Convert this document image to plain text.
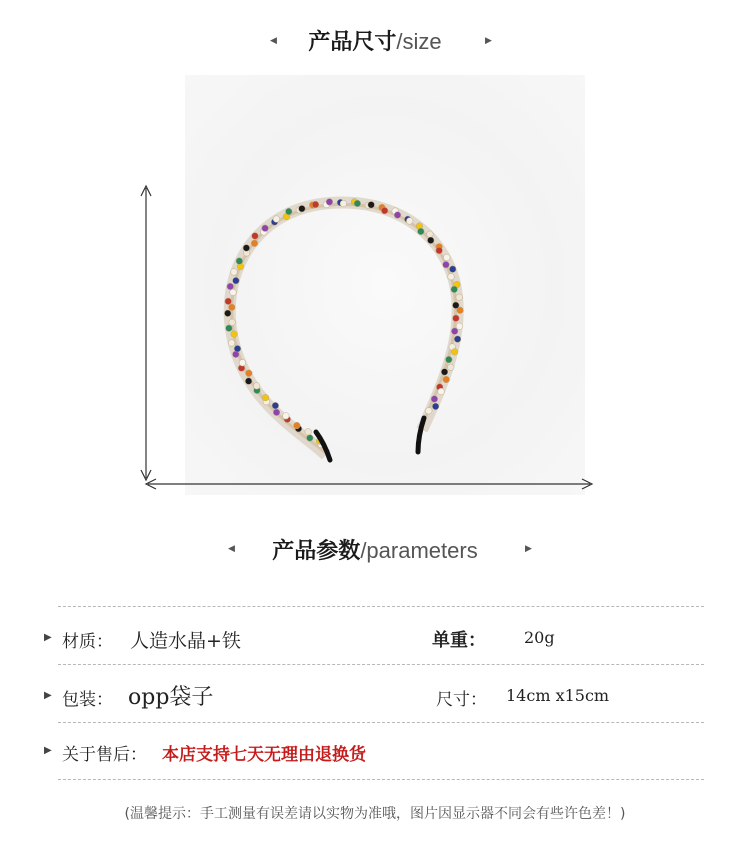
产品尺寸/size
◀	▶
产品参数/parameters
◀	▶
▶ 材质： 人造水晶+铁	单重： 20g
▶ 包装： opp袋子	尺寸： 14cm x15cm
▶ 关于售后： 本店支持七天无理由退换货
(温馨提示：手工测量有误差请以实物为准哦，图片因显示器不同会有些许色差！)
